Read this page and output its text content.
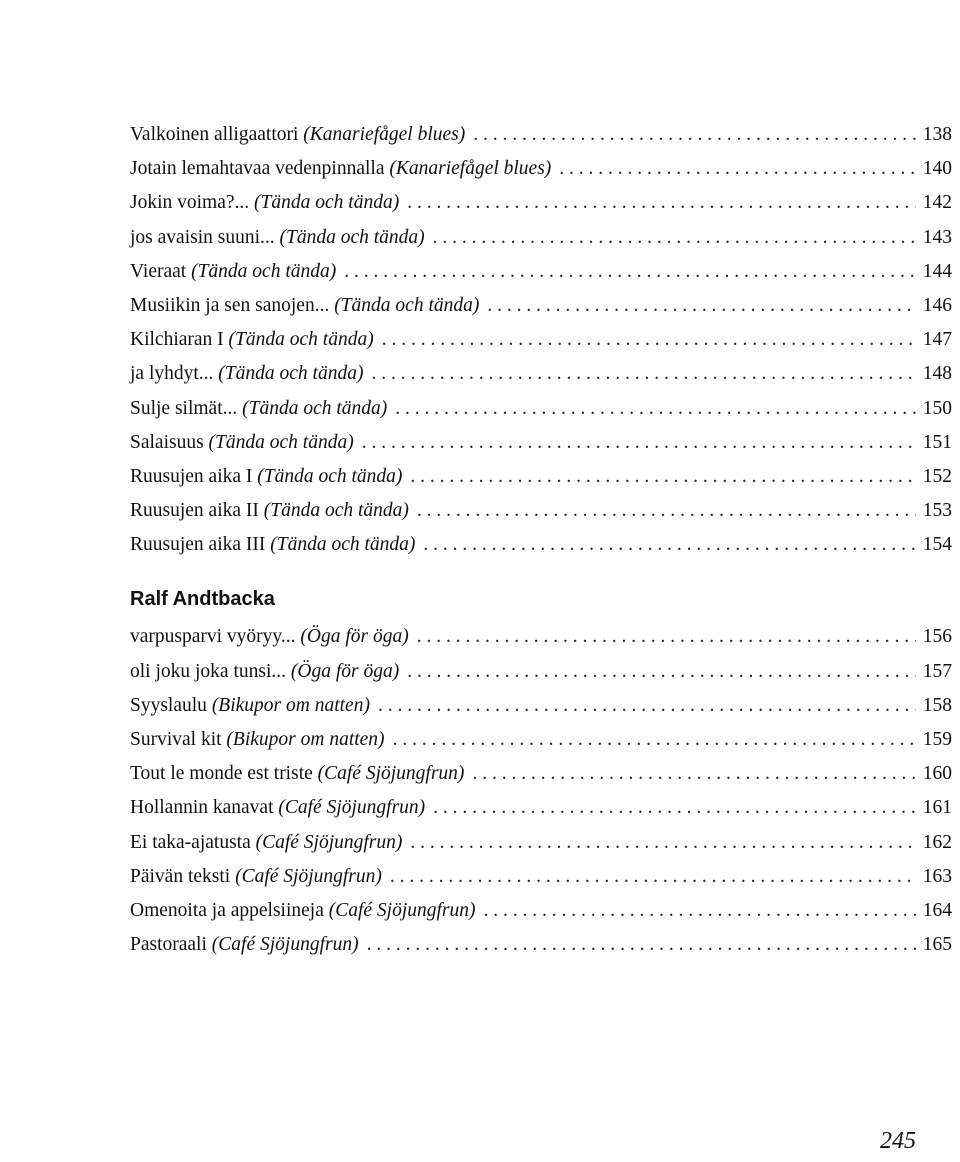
Valkoinen alligaattori (Kanariefågel blues) . . .	138
Jotain lemahtavaa vedenpinnalla (Kanariefågel blues) . . .	140
Jokin voima?... (Tända och tända) . . .	142
jos avaisin suuni... (Tända och tända) . . .	143
Vieraat (Tända och tända) . . .	144
Musiikin ja sen sanojen... (Tända och tända) . . .	146
Kilchiaran I (Tända och tända) . . .	147
ja lyhdyt... (Tända och tända) . . .	148
Sulje silmät... (Tända och tända) . . .	150
Salaisuus (Tända och tända) . . .	151
Ruusujen aika I (Tända och tända) . . .	152
Ruusujen aika II (Tända och tända) . . .	153
Ruusujen aika III (Tända och tända) . . .	154
Ralf Andtbacka
varpusparvi vyöryy... (Öga för öga) . . .	156
oli joku joka tunsi... (Öga för öga) . . .	157
Syyslaulu (Bikupor om natten) . . .	158
Survival kit (Bikupor om natten) . . .	159
Tout le monde est triste (Café Sjöjungfrun) . . .	160
Hollannin kanavat (Café Sjöjungfrun) . . .	161
Ei taka-ajatusta (Café Sjöjungfrun) . . .	162
Päivän teksti (Café Sjöjungfrun) . . .	163
Omenoita ja appelsiineja (Café Sjöjungfrun) . . .	164
Pastoraali (Café Sjöjungfrun) . . .	165
245
